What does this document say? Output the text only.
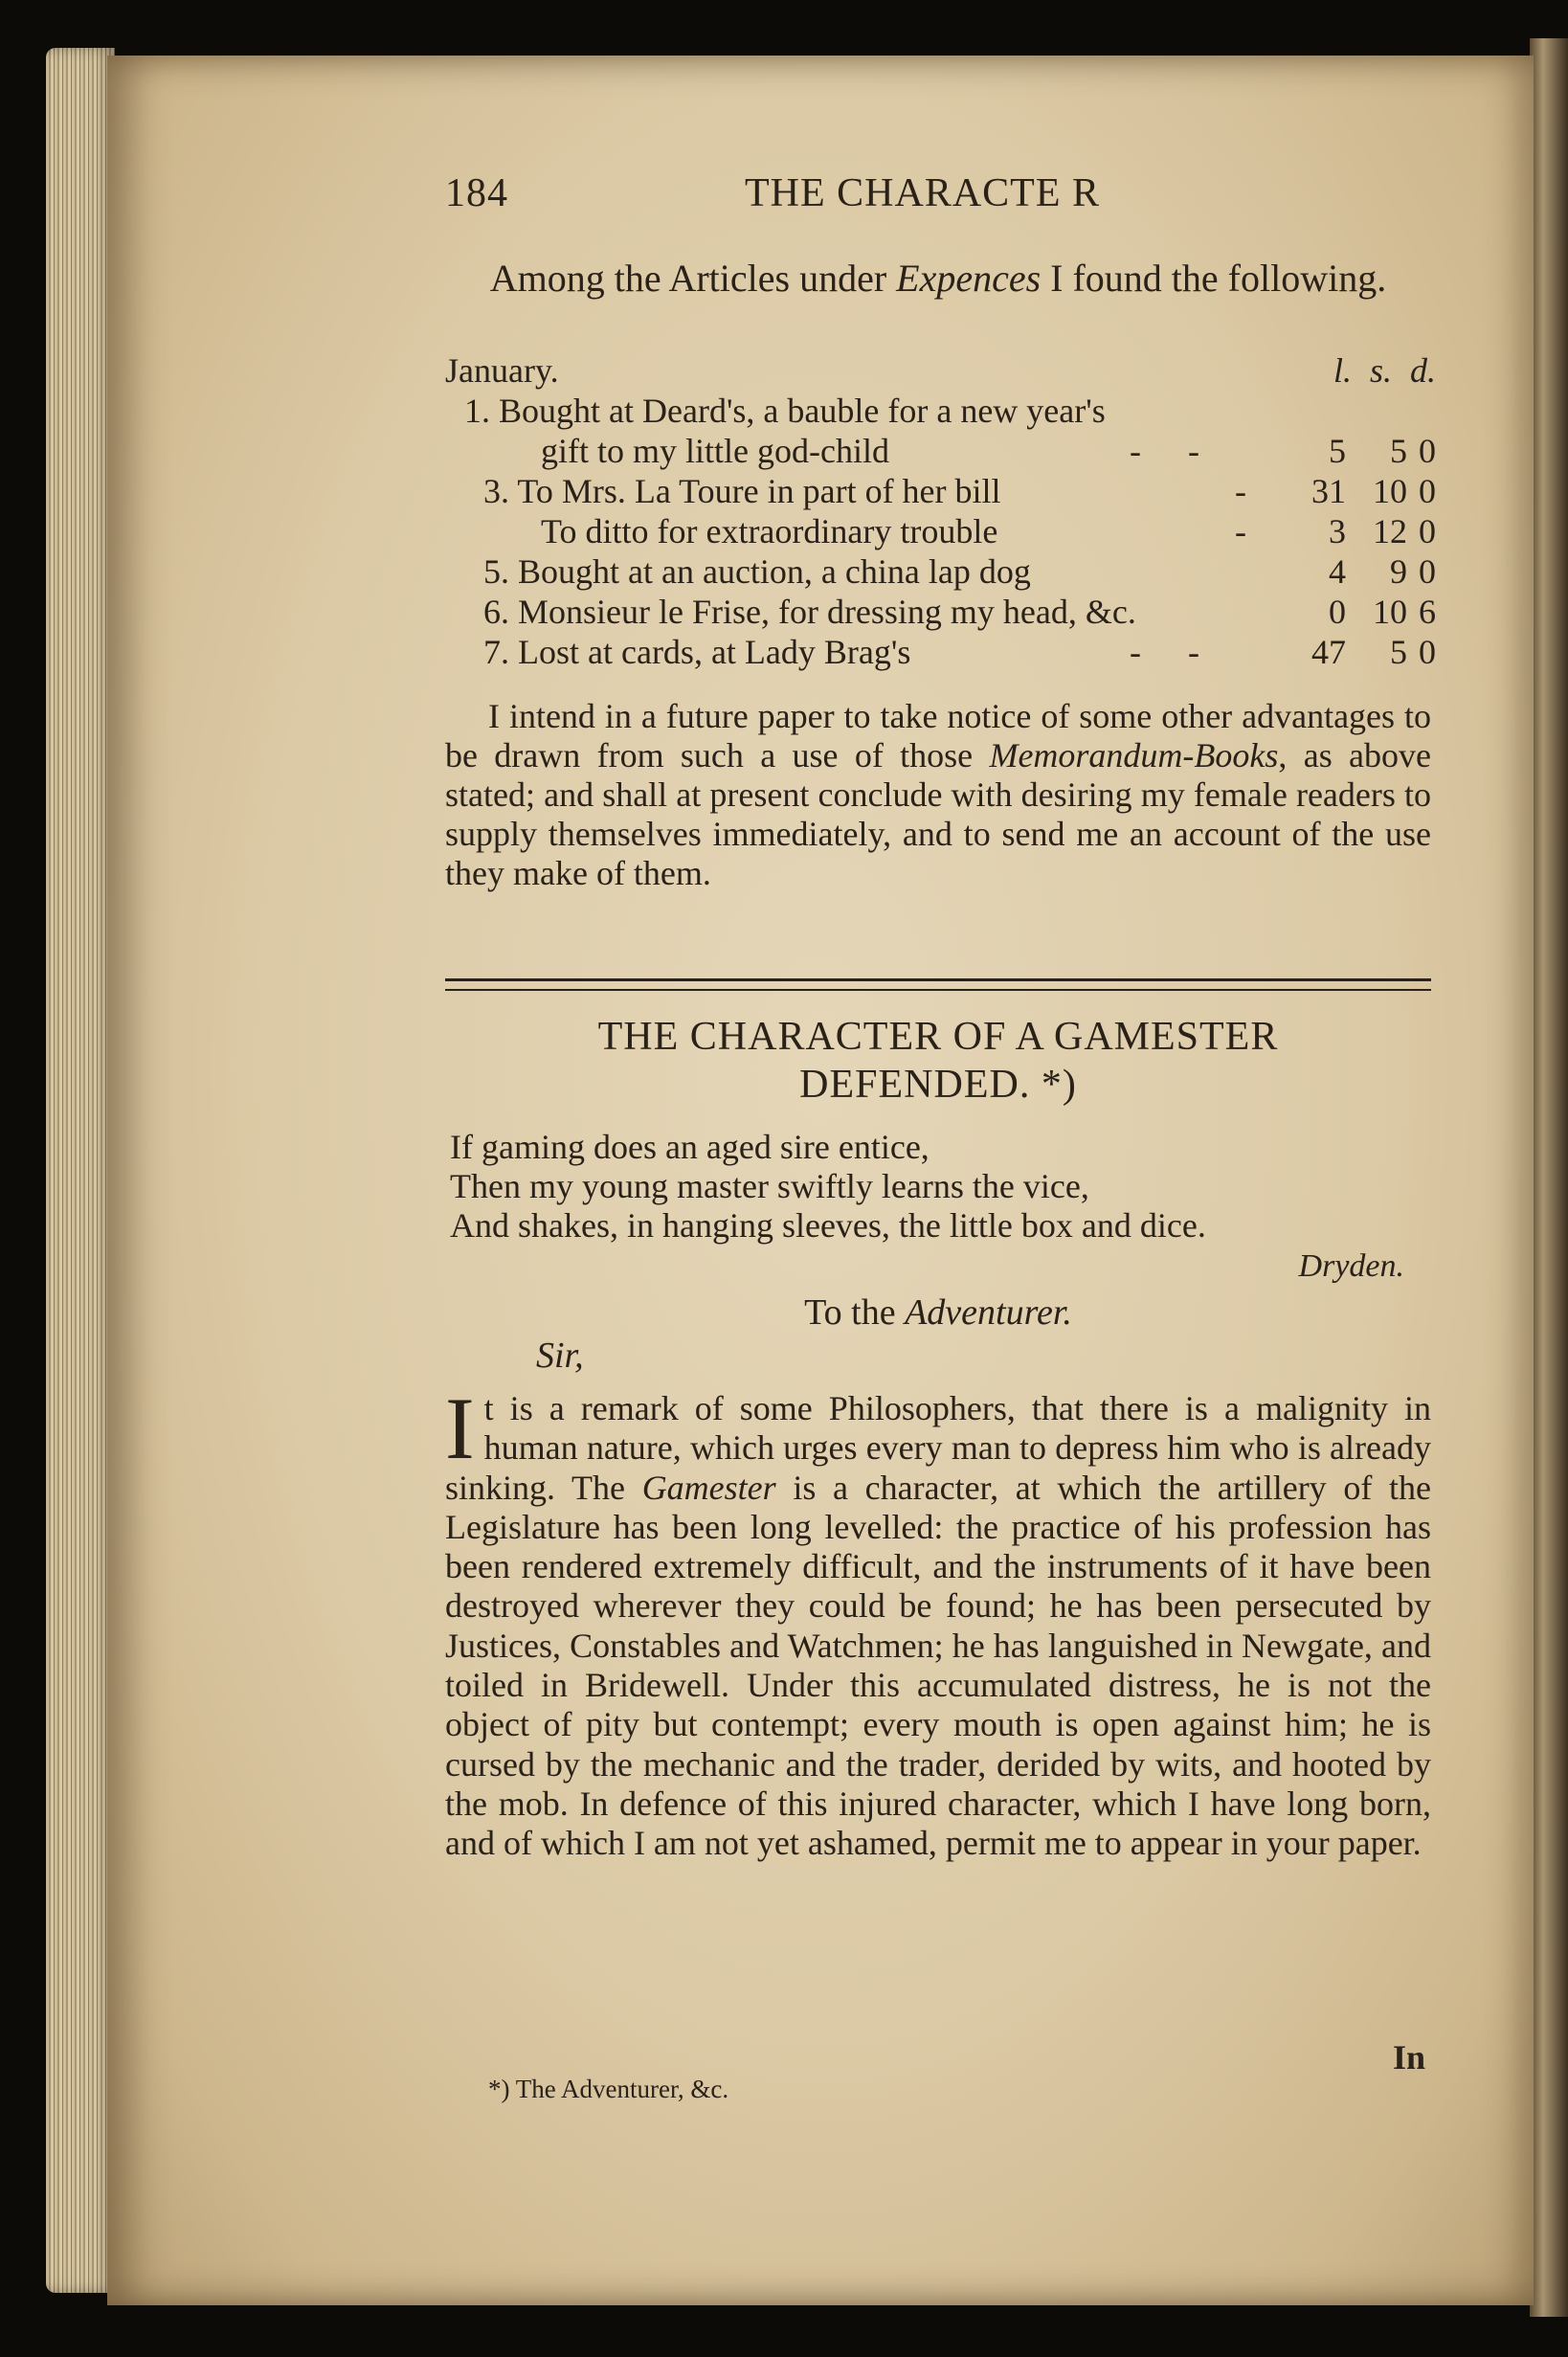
184	THE CHARACTE R
Among the Articles under Expences I found the following.
January.	l. s. d.
1. Bought at Deard's, a bauble for a new year's
gift to my little god-child	- -	5	5 0
3. To Mrs. La Toure in part of her bill	-	31 10 0
To ditto for extraordinary trouble	-	3 12 0
5. Bought at an auction, a china lap dog	4	9 0
6. Monsieur le Frise, for dressing my head, &c.	0 10 6
7. Lost at cards, at Lady Brag's	- -	47	5 0
I intend in a future paper to take notice of some other advantages to be drawn from such a use of those Memorandum-Books, as above stated; and shall at present conclude with desiring my female readers to supply themselves immediately, and to send me an account of the use they make of them.
THE CHARACTER OF A GAMESTER
DEFENDED. *)
If gaming does an aged sire entice,
Then my young master swiftly learns the vice,
And shakes, in hanging sleeves, the little box and dice.
Dryden.
To the Adventurer.
Sir,
It is a remark of some Philosophers, that there is a malignity in human nature, which urges every man to depress him who is already sinking. The Gamester is a character, at which the artillery of the Legislature has been long levelled: the practice of his profession has been rendered extremely difficult, and the instruments of it have been destroyed wherever they could be found; he has been persecuted by Justices, Constables and Watchmen; he has languished in Newgate, and toiled in Bridewell. Under this accumulated distress, he is not the object of pity but contempt; every mouth is open against him; he is cursed by the mechanic and the trader, derided by wits, and hooted by the mob. In defence of this injured character, which I have long born, and of which I am not yet ashamed, permit me to appear in your paper.
In
*) The Adventurer, &c.
